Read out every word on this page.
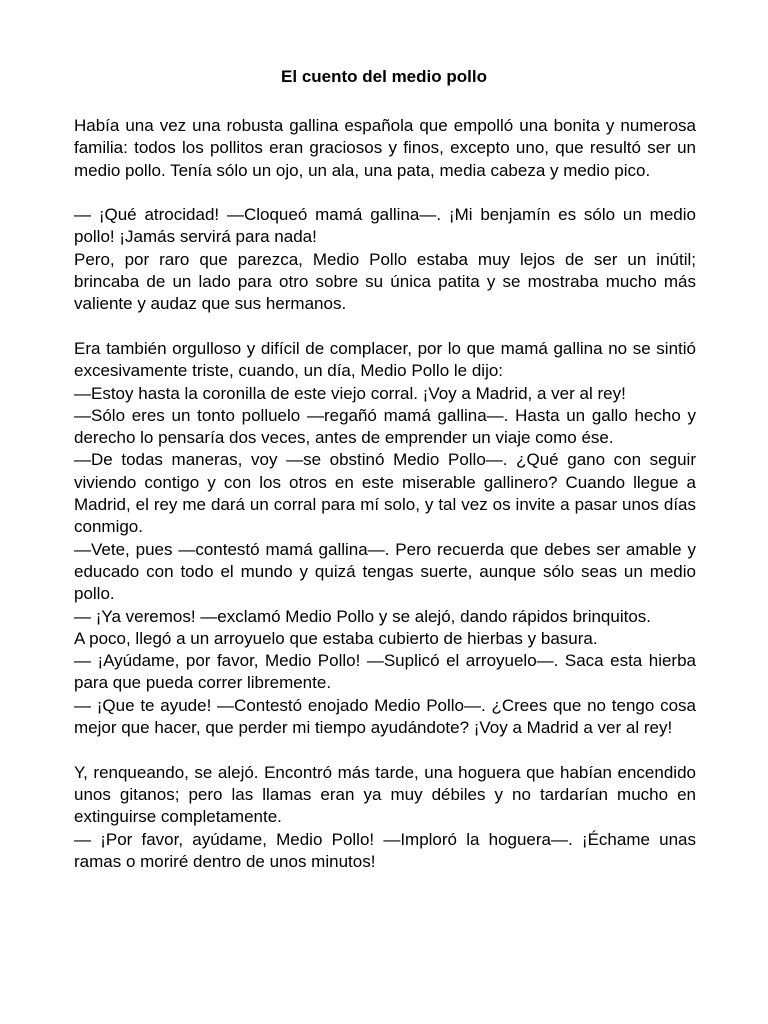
El cuento del medio pollo

Había una vez una robusta gallina española que empolló una bonita y numerosa familia: todos los pollitos eran graciosos y finos, excepto uno, que resultó ser un medio pollo. Tenía sólo un ojo, un ala, una pata, media cabeza y medio pico.

— ¡Qué atrocidad! —Cloqueó mamá gallina—. ¡Mi benjamín es sólo un medio pollo! ¡Jamás servirá para nada!

Pero, por raro que parezca, Medio Pollo estaba muy lejos de ser un inútil; brincaba de un lado para otro sobre su única patita y se mostraba mucho más valiente y audaz que sus hermanos.

Era también orgulloso y difícil de complacer, por lo que mamá gallina no se sintió excesivamente triste, cuando, un día, Medio Pollo le dijo:

—Estoy hasta la coronilla de este viejo corral. ¡Voy a Madrid, a ver al rey!

—Sólo eres un tonto polluelo —regañó mamá gallina—. Hasta un gallo hecho y derecho lo pensaría dos veces, antes de emprender un viaje como ése.

—De todas maneras, voy —se obstinó Medio Pollo—. ¿Qué gano con seguir viviendo contigo y con los otros en este miserable gallinero? Cuando llegue a Madrid, el rey me dará un corral para mí solo, y tal vez os invite a pasar unos días conmigo.

—Vete, pues —contestó mamá gallina—. Pero recuerda que debes ser amable y educado con todo el mundo y quizá tengas suerte, aunque sólo seas un medio pollo.

— ¡Ya veremos! —exclamó Medio Pollo y se alejó, dando rápidos brinquitos.

A poco, llegó a un arroyuelo que estaba cubierto de hierbas y basura.

— ¡Ayúdame, por favor, Medio Pollo! —Suplicó el arroyuelo—. Saca esta hierba para que pueda correr libremente.

— ¡Que te ayude! —Contestó enojado Medio Pollo—. ¿Crees que no tengo cosa mejor que hacer, que perder mi tiempo ayudándote? ¡Voy a Madrid a ver al rey!

Y, renqueando, se alejó. Encontró más tarde, una hoguera que habían encendido unos gitanos; pero las llamas eran ya muy débiles y no tardarían mucho en extinguirse completamente.

— ¡Por favor, ayúdame, Medio Pollo! —Imploró la hoguera—. ¡Échame unas ramas o moriré dentro de unos minutos!
